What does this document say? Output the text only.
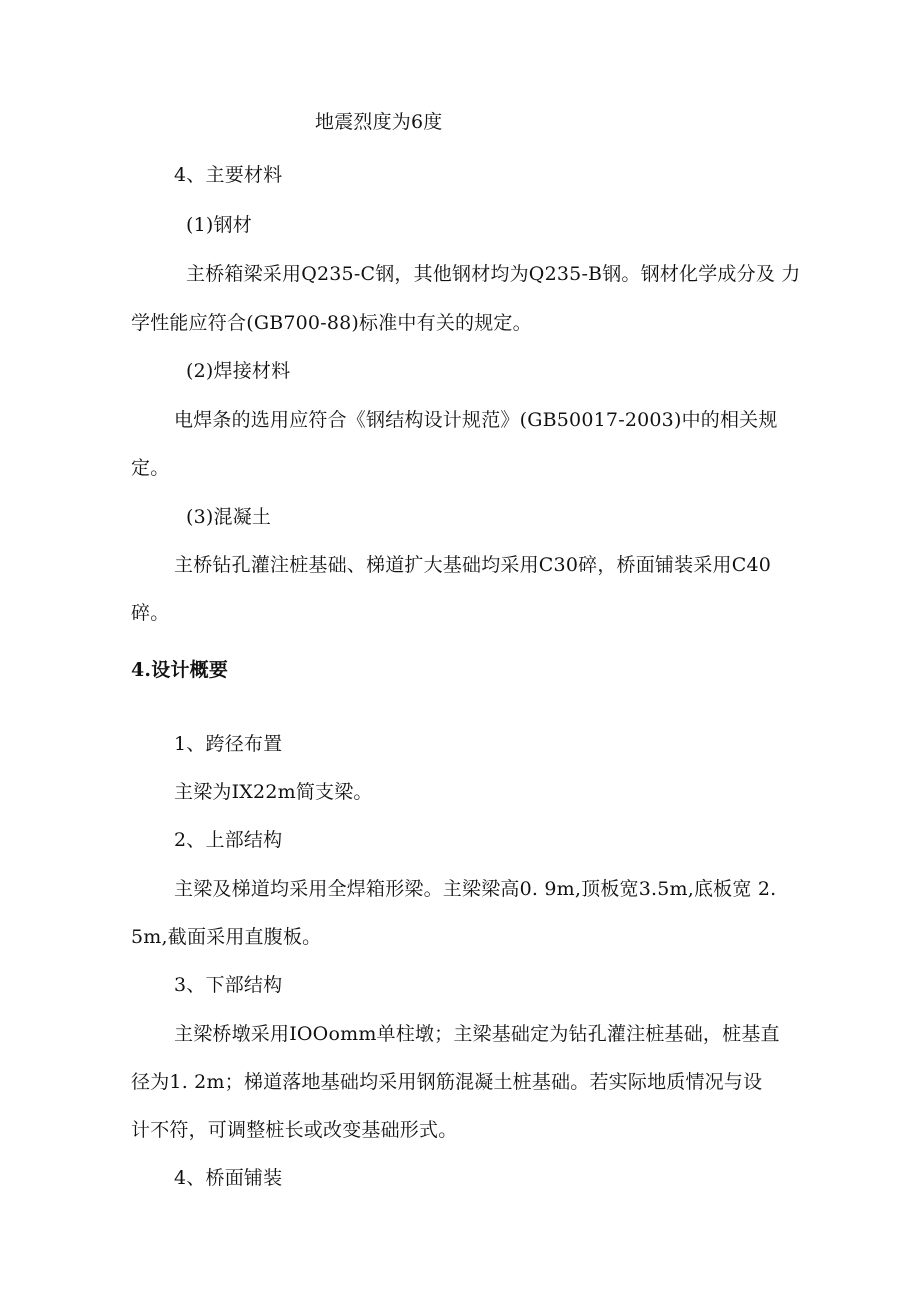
地震烈度为6度
4、主要材料
(1)钢材
主桥箱梁采用Q235-C钢，其他钢材均为Q235-B钢。钢材化学成分及 力
学性能应符合(GB700-88)标准中有关的规定。
(2)焊接材料
电焊条的选用应符合《钢结构设计规范》(GB50017-2003)中的相关规
定。
(3)混凝土
主桥钻孔灌注桩基础、梯道扩大基础均采用C30碎，桥面铺装采用C40
碎。
4.设计概要
1、跨径布置
主梁为IX22m简支梁。
2、上部结构
主梁及梯道均采用全焊箱形梁。主梁梁高0. 9m,顶板宽3.5m,底板宽 2.
5m,截面采用直腹板。
3、下部结构
主梁桥墩采用IOOomm单柱墩；主梁基础定为钻孔灌注桩基础，桩基直
径为1. 2m；梯道落地基础均采用钢筋混凝土桩基础。若实际地质情况与设
计不符，可调整桩长或改变基础形式。
4、桥面铺装
